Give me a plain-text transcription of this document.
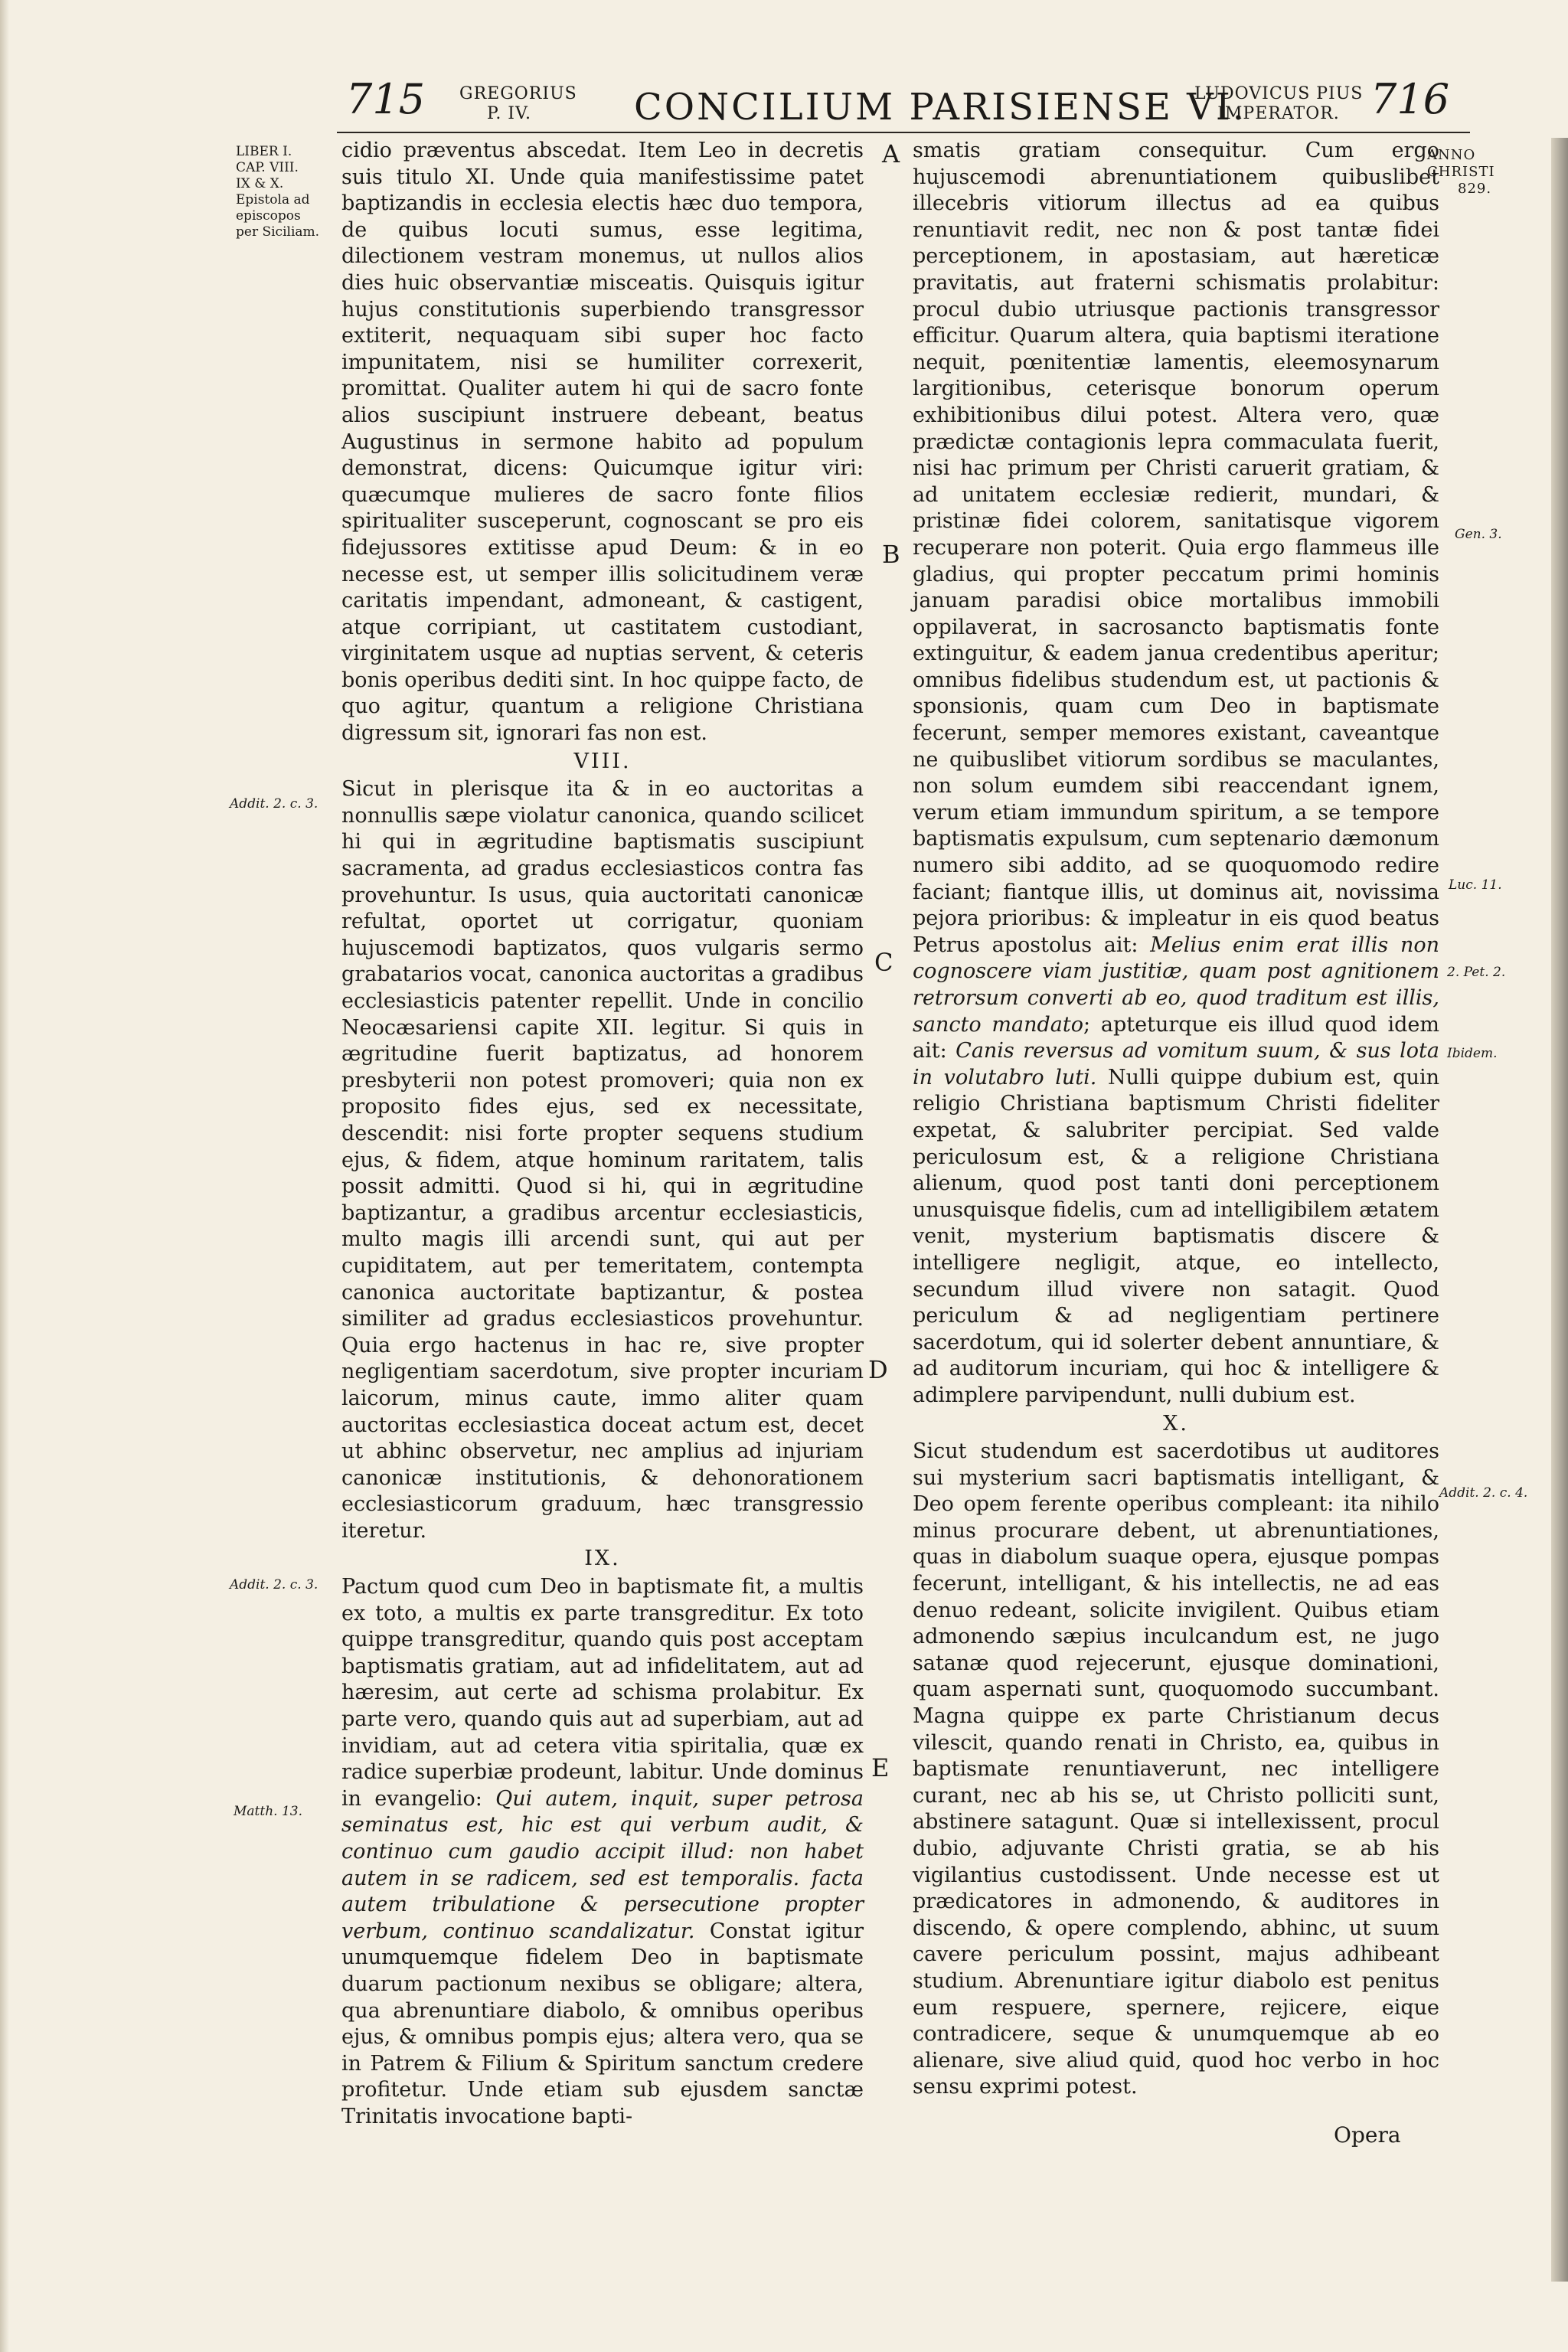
715 GREGORIUS
P. IV.	CONCILIUM PARISIENSE VI.
LUDOVICUS PIUS
IMPERATOR. 716
LIBER I.
CAP. VIII.
IX & X.
Epistola ad
episcopos
per Siciliam.
Addit. 2. c. 3.
Addit. 2. c. 3.
Matth. 13.
A
B
C
D
E
ANNO
CHRISTI
829.
Gen. 3.
Luc. 11.
2. Pet. 2.
Ibidem.
Addit. 2. c. 4.

cidio præventus abscedat. Item Leo in decretis suis titulo XI. Unde quia manifestissime patet baptizandis in ecclesia electis hæc duo tempora, de quibus locuti sumus, esse legitima, dilectionem vestram monemus, ut nullos alios dies huic observantiæ misceatis. Quisquis igitur hujus constitutionis superbiendo transgressor extiterit, nequaquam sibi super hoc facto impunitatem, nisi se humiliter correxerit, promittat. Qualiter autem hi qui de sacro fonte alios suscipiunt instruere debeant, beatus Augustinus in sermone habito ad populum demonstrat, dicens: Quicumque igitur viri: quæcumque mulieres de sacro fonte filios spiritualiter susceperunt, cognoscant se pro eis fidejussores extitisse apud Deum: & in eo necesse est, ut semper illis solicitudinem veræ caritatis impendant, admoneant, & castigent, atque corripiant, ut castitatem custodiant, virginitatem usque ad nuptias servent, & ceteris bonis operibus dediti sint. In hoc quippe facto, de quo agitur, quantum a religione Christiana digressum sit, ignorari fas non est.

VIII.

Sicut in plerisque ita & in eo auctoritas a nonnullis sæpe violatur canonica, quando scilicet hi qui in ægritudine baptismatis suscipiunt sacramenta, ad gradus ecclesiasticos contra fas provehuntur. Is usus, quia auctoritati canonicæ refultat, oportet ut corrigatur, quoniam hujuscemodi baptizatos, quos vulgaris sermo grabatarios vocat, canonica auctoritas a gradibus ecclesiasticis patenter repellit. Unde in concilio Neocæsariensi capite XII. legitur. Si quis in ægritudine fuerit baptizatus, ad honorem presbyterii non potest promoveri; quia non ex proposito fides ejus, sed ex necessitate, descendit: nisi forte propter sequens studium ejus, & fidem, atque hominum raritatem, talis possit admitti. Quod si hi, qui in ægritudine baptizantur, a gradibus arcentur ecclesiasticis, multo magis illi arcendi sunt, qui aut per cupiditatem, aut per temeritatem, contempta canonica auctoritate baptizantur, & postea similiter ad gradus ecclesiasticos provehuntur. Quia ergo hactenus in hac re, sive propter negligentiam sacerdotum, sive propter incuriam laicorum, minus caute, immo aliter quam auctoritas ecclesiastica doceat actum est, decet ut abhinc observetur, nec amplius ad injuriam canonicæ institutionis, & dehonorationem ecclesiasticorum graduum, hæc transgressio iteretur.

IX.

Pactum quod cum Deo in baptismate fit, a multis ex toto, a multis ex parte transgreditur. Ex toto quippe transgreditur, quando quis post acceptam baptismatis gratiam, aut ad infidelitatem, aut ad hæresim, aut certe ad schisma prolabitur. Ex parte vero, quando quis aut ad superbiam, aut ad invidiam, aut ad cetera vitia spiritalia, quæ ex radice superbiæ prodeunt, labitur. Unde dominus in evangelio: Qui autem, inquit, super petrosa seminatus est, hic est qui verbum audit, & continuo cum gaudio accipit illud: non habet autem in se radicem, sed est temporalis. facta autem tribulatione & persecutione propter verbum, continuo scandalizatur. Constat igitur unumquemque fidelem Deo in baptismate duarum pactionum nexibus se obligare; altera, qua abrenuntiare diabolo, & omnibus operibus ejus, & omnibus pompis ejus; altera vero, qua se in Patrem & Filium & Spiritum sanctum credere profitetur. Unde etiam sub ejusdem sanctæ Trinitatis invocatione bapti-

smatis gratiam consequitur. Cum ergo hujuscemodi abrenuntiationem quibuslibet illecebris vitiorum illectus ad ea quibus renuntiavit redit, nec non & post tantæ fidei perceptionem, in apostasiam, aut hæreticæ pravitatis, aut fraterni schismatis prolabitur: procul dubio utriusque pactionis transgressor efficitur. Quarum altera, quia baptismi iteratione nequit, pœnitentiæ lamentis, eleemosynarum largitionibus, ceterisque bonorum operum exhibitionibus dilui potest. Altera vero, quæ prædictæ contagionis lepra commaculata fuerit, nisi hac primum per Christi caruerit gratiam, & ad unitatem ecclesiæ redierit, mundari, & pristinæ fidei colorem, sanitatisque vigorem recuperare non poterit. Quia ergo flammeus ille gladius, qui propter peccatum primi hominis januam paradisi obice mortalibus immobili oppilaverat, in sacrosancto baptismatis fonte extinguitur, & eadem janua credentibus aperitur; omnibus fidelibus studendum est, ut pactionis & sponsionis, quam cum Deo in baptismate fecerunt, semper memores existant, caveantque ne quibuslibet vitiorum sordibus se maculantes, non solum eumdem sibi reaccendant ignem, verum etiam immundum spiritum, a se tempore baptismatis expulsum, cum septenario dæmonum numero sibi addito, ad se quoquomodo redire faciant; fiantque illis, ut dominus ait, novissima pejora prioribus: & impleatur in eis quod beatus Petrus apostolus ait: Melius enim erat illis non cognoscere viam justitiæ, quam post agnitionem retrorsum converti ab eo, quod traditum est illis, sancto mandato; apteturque eis illud quod idem ait: Canis reversus ad vomitum suum, & sus lota in volutabro luti. Nulli quippe dubium est, quin religio Christiana baptismum Christi fideliter expetat, & salubriter percipiat. Sed valde periculosum est, & a religione Christiana alienum, quod post tanti doni perceptionem unusquisque fidelis, cum ad intelligibilem ætatem venit, mysterium baptismatis discere & intelligere negligit, atque, eo intellecto, secundum illud vivere non satagit. Quod periculum & ad negligentiam pertinere sacerdotum, qui id solerter debent annuntiare, & ad auditorum incuriam, qui hoc & intelligere & adimplere parvipendunt, nulli dubium est.

X.

Sicut studendum est sacerdotibus ut auditores sui mysterium sacri baptismatis intelligant, & Deo opem ferente operibus compleant: ita nihilo minus procurare debent, ut abrenuntiationes, quas in diabolum suaque opera, ejusque pompas fecerunt, intelligant, & his intellectis, ne ad eas denuo redeant, solicite invigilent. Quibus etiam admonendo sæpius inculcandum est, ne jugo satanæ quod rejecerunt, ejusque dominationi, quam aspernati sunt, quoquomodo succumbant. Magna quippe ex parte Christianum decus vilescit, quando renati in Christo, ea, quibus in baptismate renuntiaverunt, nec intelligere curant, nec ab his se, ut Christo polliciti sunt, abstinere satagunt. Quæ si intellexissent, procul dubio, adjuvante Christi gratia, se ab his vigilantius custodissent. Unde necesse est ut prædicatores in admonendo, & auditores in discendo, & opere complendo, abhinc, ut suum cavere periculum possint, majus adhibeant studium. Abrenuntiare igitur diabolo est penitus eum respuere, spernere, rejicere, eique contradicere, seque & unumquemque ab eo alienare, sive aliud quid, quod hoc verbo in hoc sensu exprimi potest.

Opera
